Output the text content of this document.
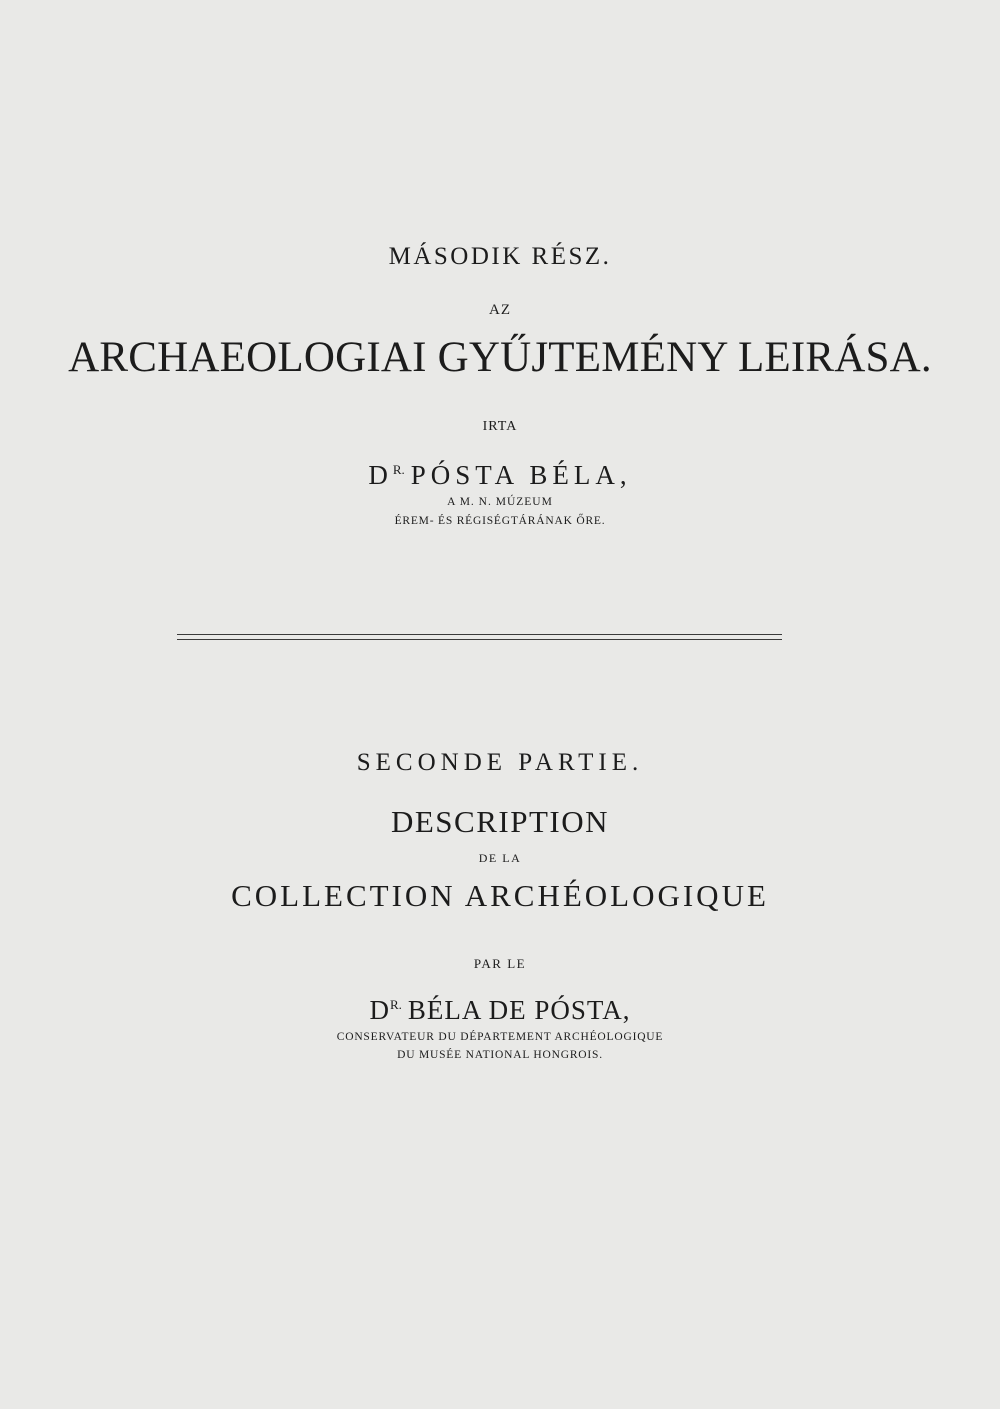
MÁSODIK RÉSZ.
AZ
ARCHAEOLOGIAI GYŰJTEMÉNY LEIRÁSA.
IRTA
$D^{R.}$ PÓSTA BÉLA,
A M. N. MÚZEUM
ÉREM- ÉS RÉGISÉGTÁRÁNAK ŐRE.
SECONDE PARTIE.
DESCRIPTION
DE LA
COLLECTION ARCHÉOLOGIQUE
PAR LE
$D^{R.}$ BÉLA DE PÓSTA,
CONSERVATEUR DU DÉPARTEMENT ARCHÉOLOGIQUE
DU MUSÉE NATIONAL HONGROIS.
